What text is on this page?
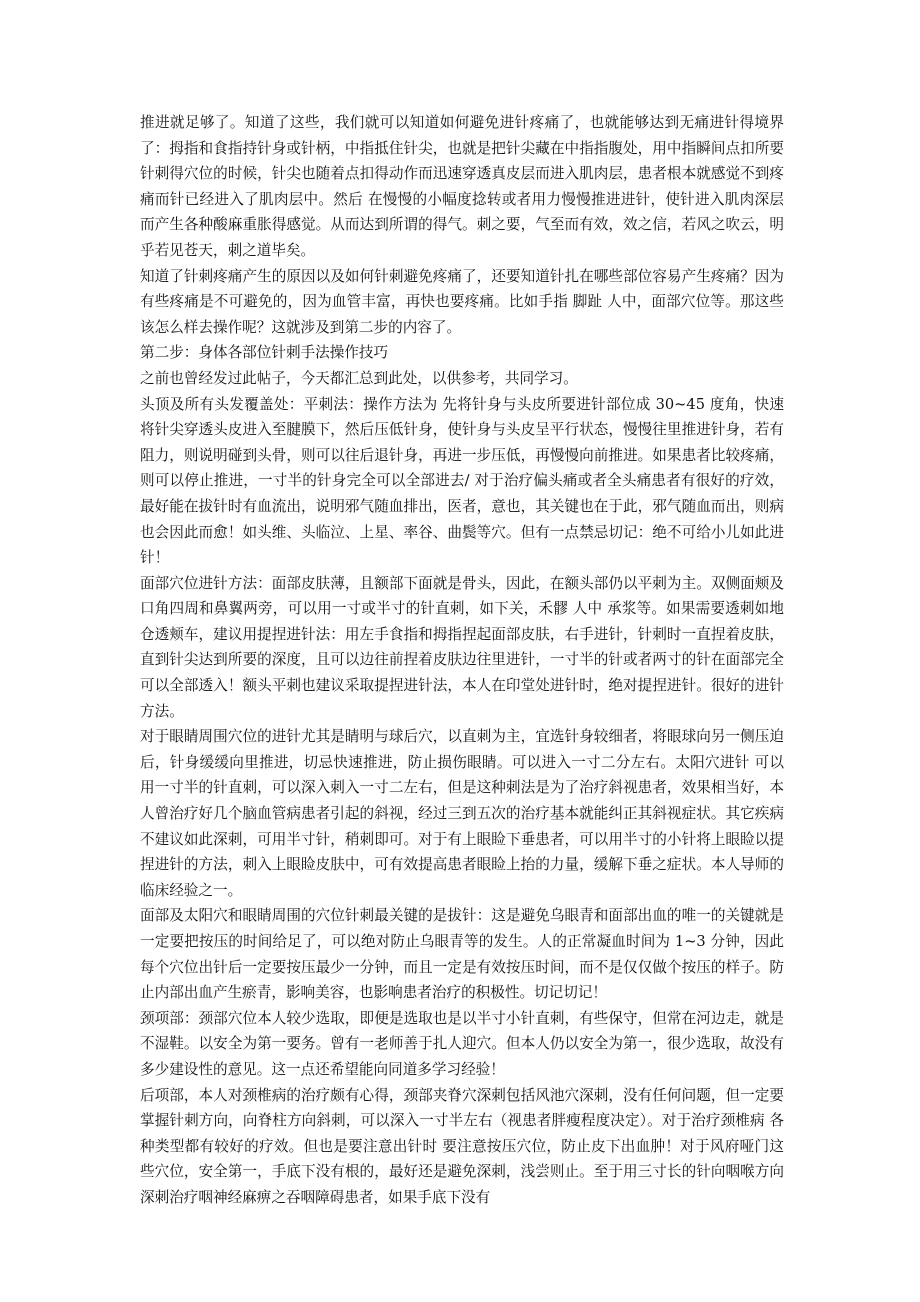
推进就足够了。知道了这些，我们就可以知道如何避免进针疼痛了，也就能够达到无痛进针得境界了：拇指和食指持针身或针柄，中指抵住针尖，也就是把针尖藏在中指指腹处，用中指瞬间点扣所要针刺得穴位的时候，针尖也随着点扣得动作而迅速穿透真皮层而进入肌肉层，患者根本就感觉不到疼痛而针已经进入了肌肉层中。然后 在慢慢的小幅度捻转或者用力慢慢推进进针，使针进入肌肉深层而产生各种酸麻重胀得感觉。从而达到所谓的得气。刺之要，气至而有效，效之信，若风之吹云，明乎若见苍天，刺之道毕矣。

知道了针刺疼痛产生的原因以及如何针刺避免疼痛了，还要知道针扎在哪些部位容易产生疼痛？因为有些疼痛是不可避免的，因为血管丰富，再快也要疼痛。比如手指 脚趾 人中，面部穴位等。那这些该怎么样去操作呢？这就涉及到第二步的内容了。

第二步：身体各部位针刺手法操作技巧

之前也曾经发过此帖子，今天都汇总到此处，以供参考，共同学习。

头顶及所有头发覆盖处：平刺法：操作方法为 先将针身与头皮所要进针部位成 30~45 度角，快速将针尖穿透头皮进入至腱膜下，然后压低针身，使针身与头皮呈平行状态，慢慢往里推进针身，若有阻力，则说明碰到头骨，则可以往后退针身，再进一步压低，再慢慢向前推进。如果患者比较疼痛，则可以停止推进，一寸半的针身完全可以全部进去/ 对于治疗偏头痛或者全头痛患者有很好的疗效，最好能在拔针时有血流出，说明邪气随血排出，医者，意也，其关键也在于此，邪气随血而出，则病也会因此而愈！如头维、头临泣、上星、率谷、曲鬓等穴。但有一点禁忌切记：绝不可给小儿如此进针！

面部穴位进针方法：面部皮肤薄，且额部下面就是骨头，因此，在额头部仍以平刺为主。双侧面颊及口角四周和鼻翼两旁，可以用一寸或半寸的针直刺，如下关，禾髎 人中 承浆等。如果需要透刺如地仓透颊车，建议用提捏进针法：用左手食指和拇指捏起面部皮肤，右手进针，针刺时一直捏着皮肤，直到针尖达到所要的深度，且可以边往前捏着皮肤边往里进针，一寸半的针或者两寸的针在面部完全可以全部透入！额头平刺也建议采取提捏进针法，本人在印堂处进针时，绝对提捏进针。很好的进针方法。

对于眼睛周围穴位的进针尤其是睛明与球后穴，以直刺为主，宜选针身较细者，将眼球向另一侧压迫后，针身缓缓向里推进，切忌快速推进，防止损伤眼睛。可以进入一寸二分左右。太阳穴进针 可以用一寸半的针直刺，可以深入刺入一寸二左右，但是这种刺法是为了治疗斜视患者，效果相当好，本人曾治疗好几个脑血管病患者引起的斜视，经过三到五次的治疗基本就能纠正其斜视症状。其它疾病不建议如此深刺，可用半寸针，稍刺即可。对于有上眼睑下垂患者，可以用半寸的小针将上眼睑以提捏进针的方法，刺入上眼睑皮肤中，可有效提高患者眼睑上抬的力量，缓解下垂之症状。本人导师的临床经验之一。

面部及太阳穴和眼睛周围的穴位针刺最关键的是拔针：这是避免乌眼青和面部出血的唯一的关键就是一定要把按压的时间给足了，可以绝对防止乌眼青等的发生。人的正常凝血时间为 1~3 分钟，因此每个穴位出针后一定要按压最少一分钟，而且一定是有效按压时间，而不是仅仅做个按压的样子。防止内部出血产生瘀青，影响美容，也影响患者治疗的积极性。切记切记！

颈项部：颈部穴位本人较少选取，即便是选取也是以半寸小针直刺，有些保守，但常在河边走，就是不湿鞋。以安全为第一要务。曾有一老师善于扎人迎穴。但本人仍以安全为第一，很少选取，故没有多少建设性的意见。这一点还希望能向同道多学习经验！

后项部，本人对颈椎病的治疗颇有心得，颈部夹脊穴深刺包括风池穴深刺，没有任何问题，但一定要掌握针刺方向，向脊柱方向斜刺，可以深入一寸半左右（视患者胖瘦程度决定）。对于治疗颈椎病 各种类型都有较好的疗效。但也是要注意出针时 要注意按压穴位，防止皮下出血肿！对于风府哑门这些穴位，安全第一，手底下没有根的，最好还是避免深刺，浅尝则止。至于用三寸长的针向咽喉方向深刺治疗咽神经麻痹之吞咽障碍患者，如果手底下没有
